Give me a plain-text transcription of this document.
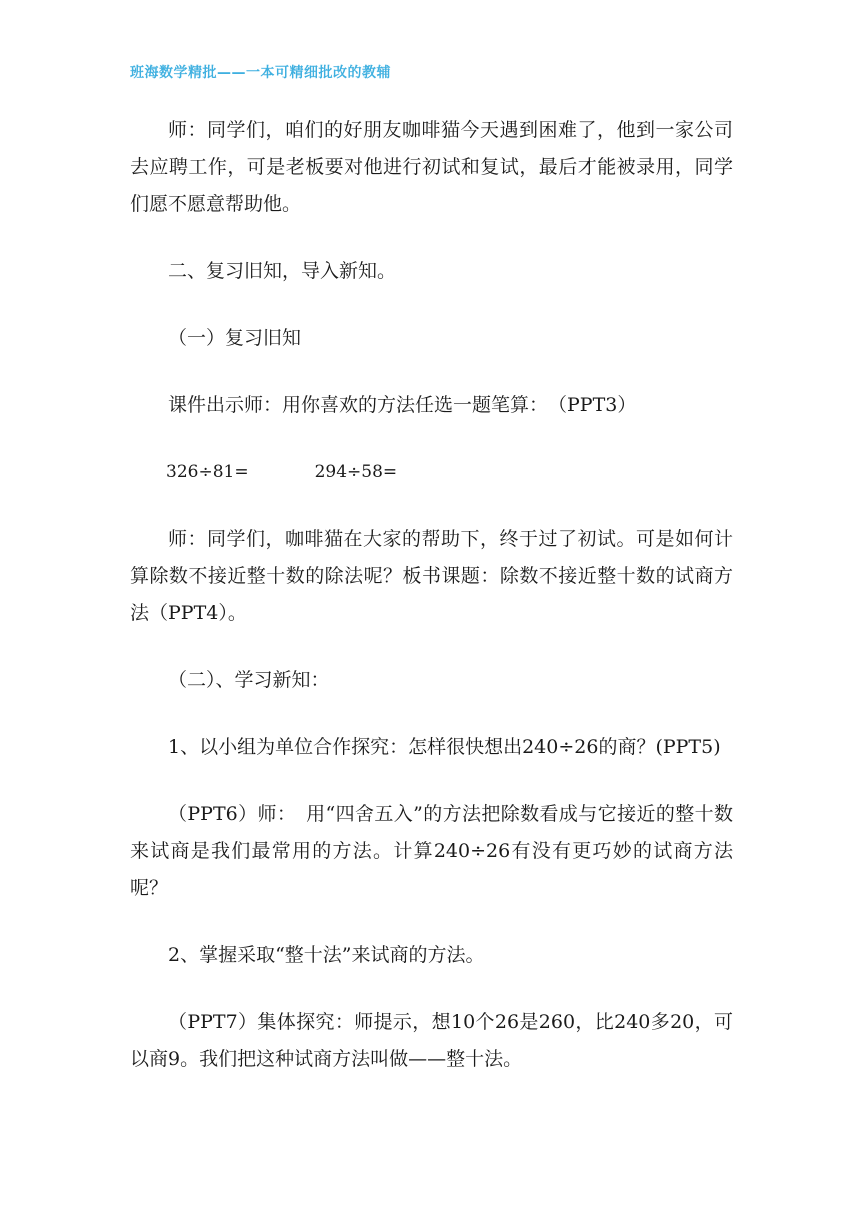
班海数学精批——一本可精细批改的教辅

师：同学们，咱们的好朋友咖啡猫今天遇到困难了，他到一家公司去应聘工作，可是老板要对他进行初试和复试，最后才能被录用，同学们愿不愿意帮助他。

二、复习旧知，导入新知。

（一）复习旧知

课件出示师：用你喜欢的方法任选一题笔算：　（PPT3）

326÷81=	294÷58=

师：同学们，咖啡猫在大家的帮助下，终于过了初试。可是如何计算除数不接近整十数的除法呢？板书课题：除数不接近整十数的试商方法（PPT4）。

（二）、学习新知：

1、以小组为单位合作探究：怎样很快想出240÷26的商？(PPT5)

（PPT6）师：　用“四舍五入”的方法把除数看成与它接近的整十数来试商是我们最常用的方法。计算240÷26有没有更巧妙的试商方法呢？

2、掌握采取“整十法”来试商的方法。

（PPT7）集体探究：师提示，想10个26是260，比240多20，可以商9。我们把这种试商方法叫做——整十法。
